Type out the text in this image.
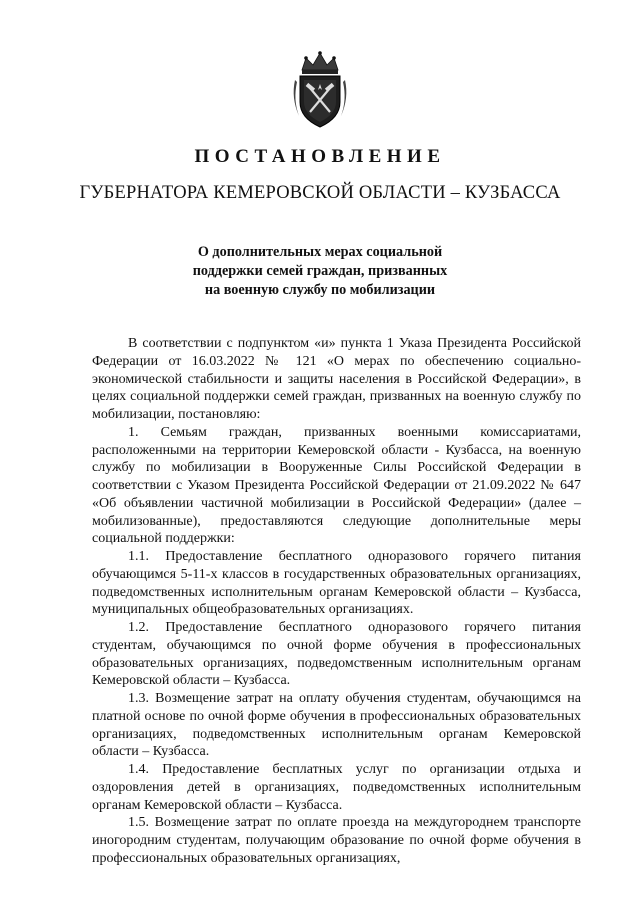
ПОСТАНОВЛЕНИЕ
ГУБЕРНАТОРА КЕМЕРОВСКОЙ ОБЛАСТИ – КУЗБАССА
О дополнительных мерах социальной
поддержки семей граждан, призванных
на военную службу по мобилизации

В соответствии с подпунктом «и» пункта 1 Указа Президента Российской Федерации от 16.03.2022 № 121 «О мерах по обеспечению социально-экономической стабильности и защиты населения в Российской Федерации», в целях социальной поддержки семей граждан, призванных на военную службу по мобилизации, постановляю:

1. Семьям граждан, призванных военными комиссариатами, расположенными на территории Кемеровской области - Кузбасса, на военную службу по мобилизации в Вооруженные Силы Российской Федерации в соответствии с Указом Президента Российской Федерации от 21.09.2022 № 647 «Об объявлении частичной мобилизации в Российской Федерации» (далее – мобилизованные), предоставляются следующие дополнительные меры социальной поддержки:

1.1. Предоставление бесплатного одноразового горячего питания обучающимся 5-11-х классов в государственных образовательных организациях, подведомственных исполнительным органам Кемеровской области – Кузбасса, муниципальных общеобразовательных организациях.

1.2. Предоставление бесплатного одноразового горячего питания студентам, обучающимся по очной форме обучения в профессиональных образовательных организациях, подведомственным исполнительным органам Кемеровской области – Кузбасса.

1.3. Возмещение затрат на оплату обучения студентам, обучающимся на платной основе по очной форме обучения в профессиональных образовательных организациях, подведомственных исполнительным органам Кемеровской области – Кузбасса.

1.4. Предоставление бесплатных услуг по организации отдыха и оздоровления детей в организациях, подведомственных исполнительным органам Кемеровской области – Кузбасса.

1.5. Возмещение затрат по оплате проезда на междугороднем транспорте иногородним студентам, получающим образование по очной форме обучения в профессиональных образовательных организациях,
